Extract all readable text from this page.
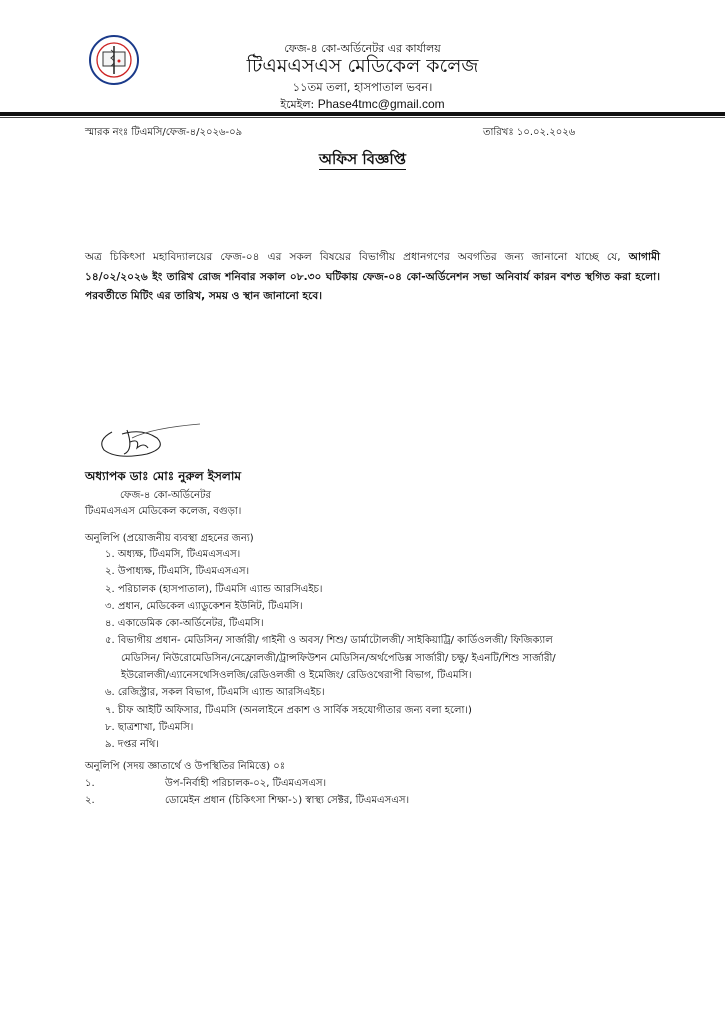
ফেজ-৪ কো-অর্ডিনেটর এর কার্যালয়
টিএমএসএস মেডিকেল কলেজ
১১তম তলা, হাসপাতাল ভবন।
ইমেইল: Phase4tmc@gmail.com
স্মারক নংঃ টিএমসি/ফেজ-৪/২০২৬-০৯	তারিখঃ ১০.০২.২০২৬
অফিস বিজ্ঞপ্তি
অত্র চিকিৎসা মহাবিদ্যালয়ের ফেজ-০৪ এর সকল বিষয়ের বিভাগীয় প্রধানগণের অবগতির জন্য জানানো যাচ্ছে যে, আগামী ১৪/০২/২০২৬ ইং তারিখ রোজ শনিবার সকাল ০৮.৩০ ঘটিকায় ফেজ-০৪ কো-অর্ডিনেশন সভা অনিবার্য কারন বশত স্থগিত করা হলো। পরবর্তীতে মিটিং এর তারিখ, সময় ও স্থান জানানো হবে।
অধ্যাপক ডাঃ মোঃ নুরুল ইসলাম
ফেজ-৪ কো-অর্ডিনেটর
টিএমএসএস মেডিকেল কলেজ, বগুড়া।
অনুলিপি (প্রয়োজনীয় ব্যবস্থা গ্রহনের জন্য)
১. অধ্যক্ষ, টিএমসি, টিএমএসএস।
২. উপাধ্যক্ষ, টিএমসি, টিএমএসএস।
২. পরিচালক (হাসপাতাল), টিএমসি এ্যান্ড আরসিএইচ।
৩. প্রধান, মেডিকেল এ্যাডুকেশন ইউনিট, টিএমসি।
৪. একাডেমিক কো-অর্ডিনেটর, টিএমসি।
৫. বিভাগীয় প্রধান- মেডিসিন/ সার্জারী/ গাইনী ও অবস/ শিশু/ ডার্মাটোলজী/ সাইকিয়াট্রি/ কার্ডিওলজী/ ফিজিক্যাল
মেডিসিন/ নিউরোমেডিসিন/নেফ্রোলজী/ট্রান্সফিউশন মেডিসিন/অর্থপেডিক্স সার্জারী/ চক্ষু/ ইএনটি/শিশু সার্জারী/
ইউরোলজী/এ্যানেসথেসিওলজি/রেডিওলজী ও ইমেজিং/ রেডিওথেরাপী বিভাগ, টিএমসি।
৬. রেজিস্ট্রার, সকল বিভাগ, টিএমসি এ্যান্ড আরসিএইচ।
৭. চীফ আইটি অফিসার, টিএমসি (অনলাইনে প্রকাশ ও সার্বিক সহযোগীতার জন্য বলা হলো।)
৮. ছাত্রশাখা, টিএমসি।
৯. দপ্তর নথি।
অনুলিপি (সদয় জ্ঞাতার্থে ও উপস্থিতির নিমিত্তে) ০ঃ
১.	উপ-নির্বাহী পরিচালক-০২, টিএমএসএস।
২.	ডোমেইন প্রধান (চিকিৎসা শিক্ষা-১) স্বাস্থ্য সেক্টর, টিএমএসএস।
